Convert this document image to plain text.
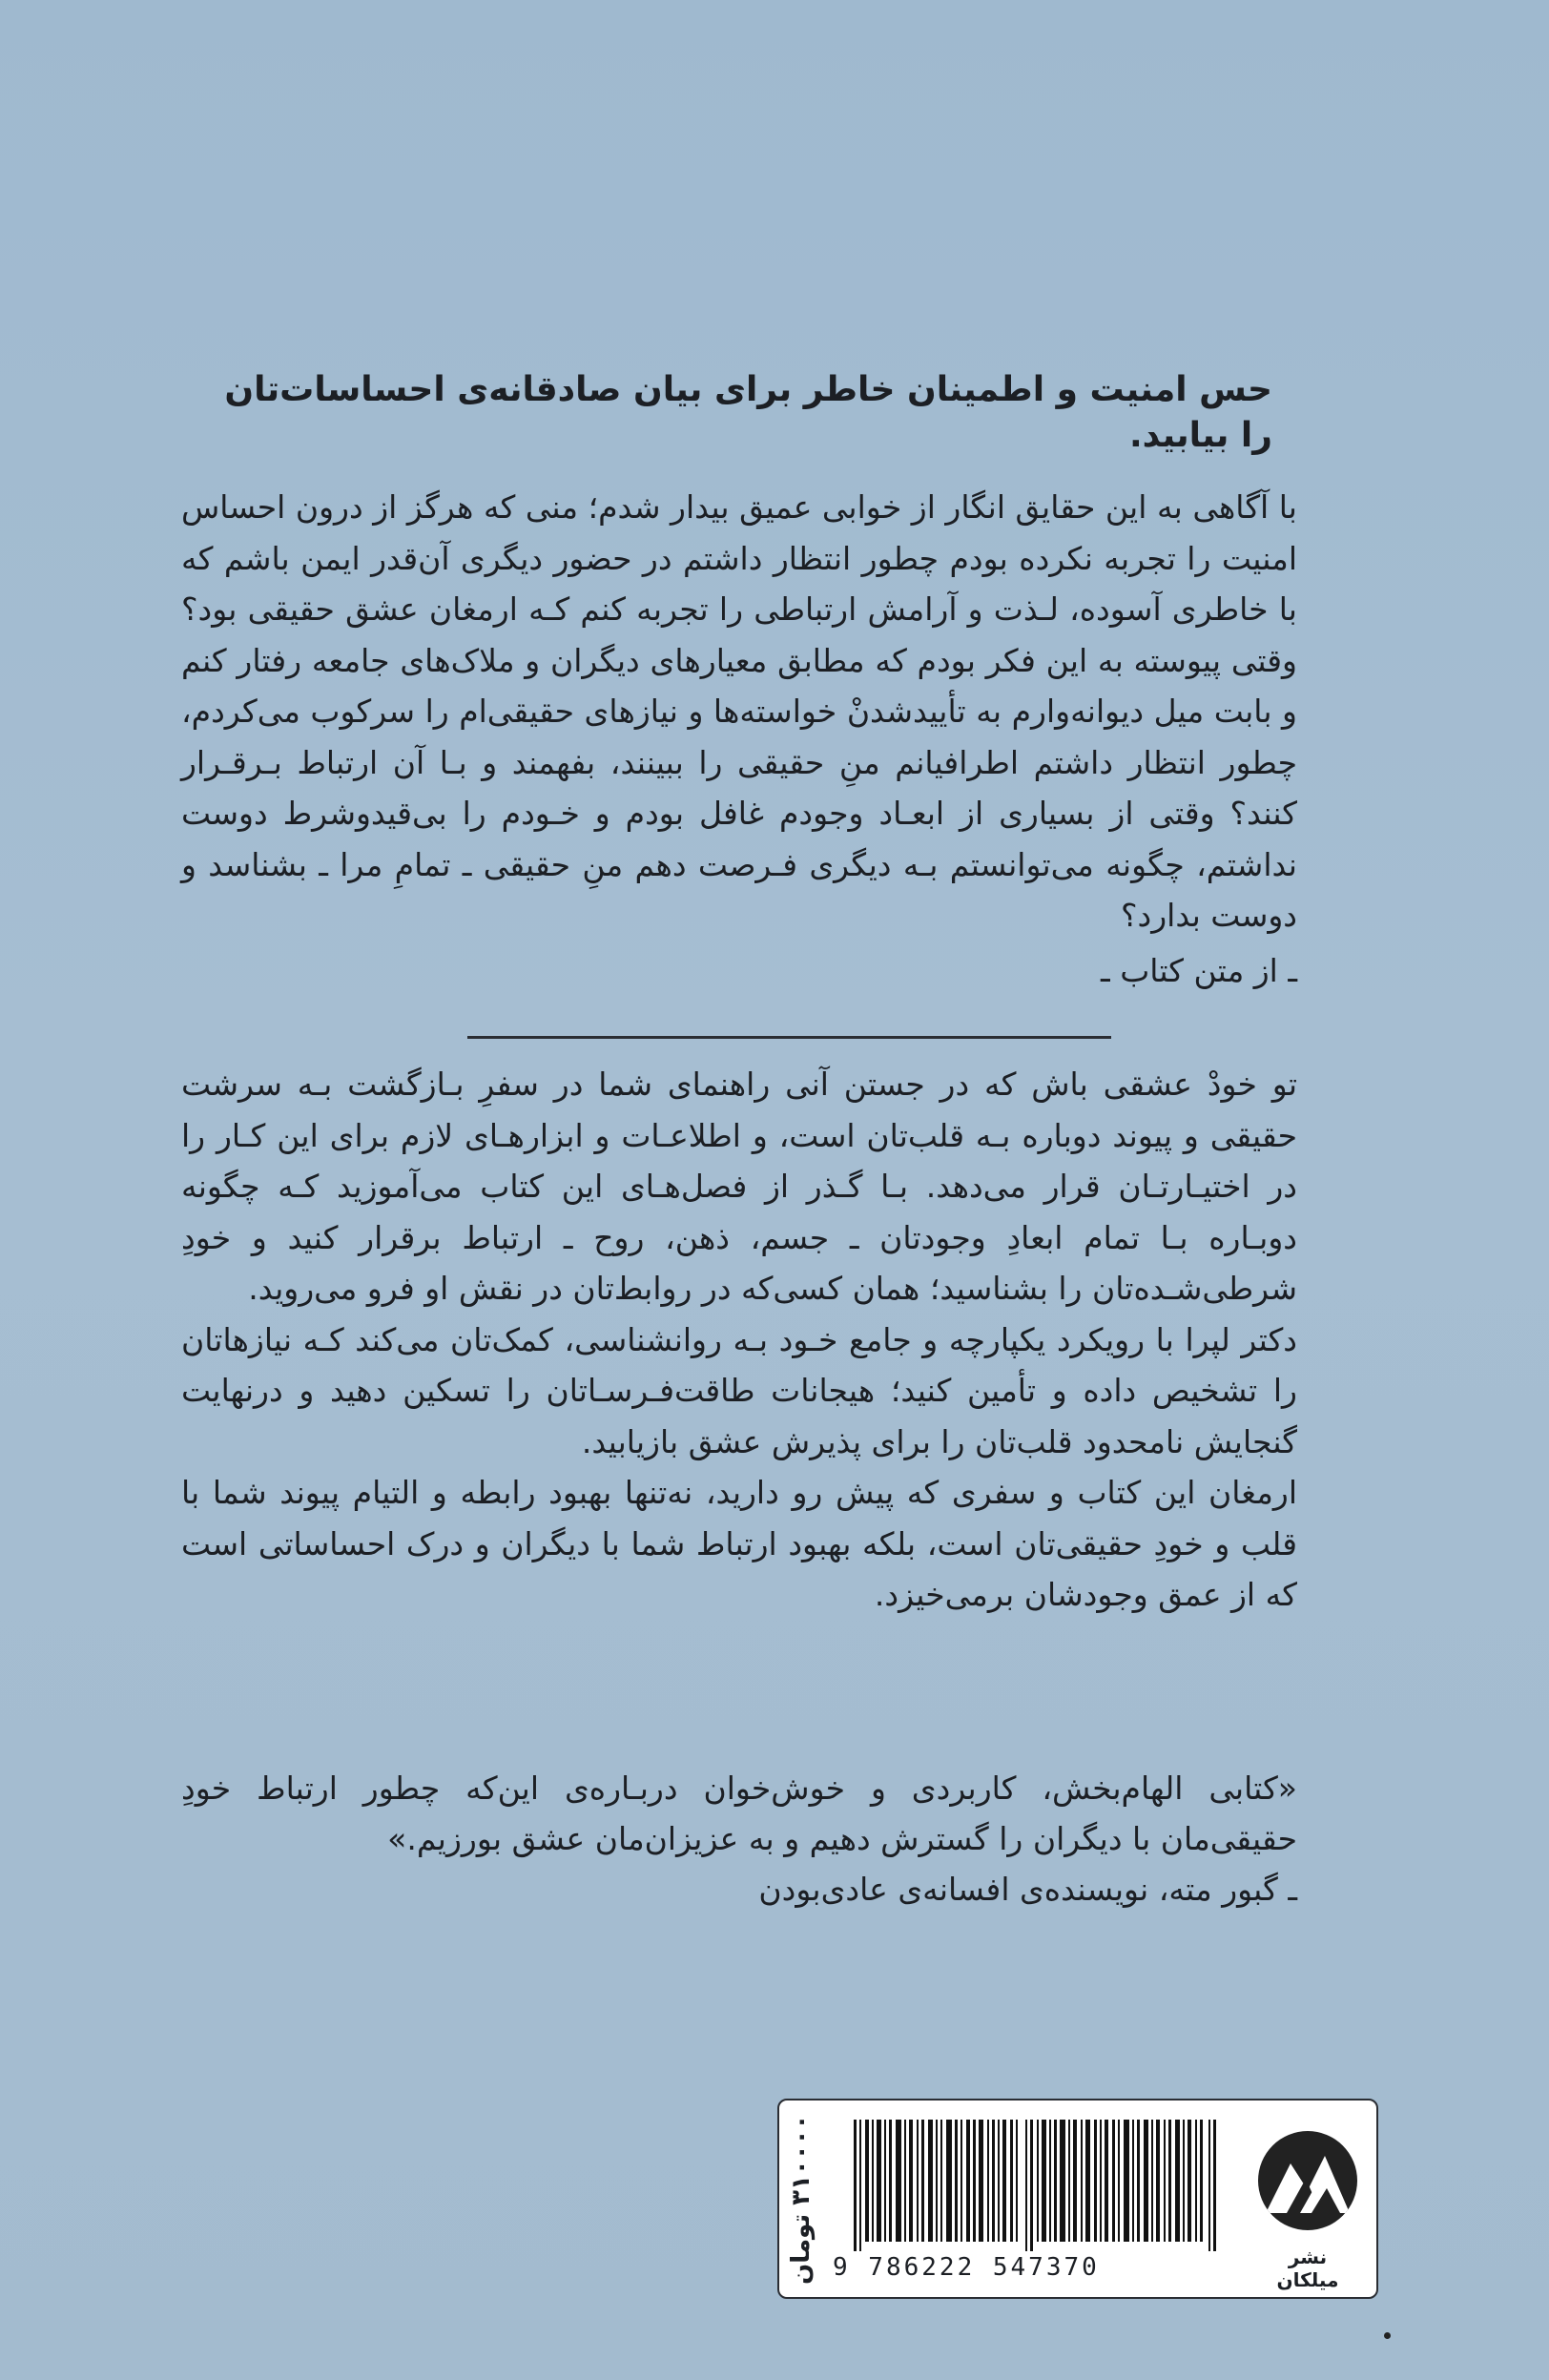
حس امنیت و اطمینان خاطر برای بیان صادقانه‌ی احساسات‌تان را بیابید.

با آگاهی به این حقایق انگار از خوابی عمیق بیدار شدم؛ منی که هرگز از درون احساس امنیت را تجربه نکرده بودم چطور انتظار داشتم در حضور دیگری آن‌قدر ایمن باشم که با خاطری آسوده، لـذت و آرامش ارتباطی را تجربه کنم کـه ارمغان عشق حقیقی بود؟ وقتی پیوسته به این فکر بودم که مطابق معیارهای دیگران و ملاک‌های جامعه رفتار کنم و بابت میل دیوانه‌وارم به تأییدشدنْ خواسته‌ها و نیازهای حقیقی‌ام را سرکوب می‌کردم، چطور انتظار داشتم اطرافیانم منِ حقیقی را ببینند، بفهمند و بـا آن ارتباط بـرقـرار کنند؟ وقتی از بسیاری از ابعـاد وجودم غافل بودم و خـودم را بی‌قیدوشرط دوست نداشتم، چگونه می‌توانستم بـه دیگری فـرصت دهم منِ حقیقی ـ تمامِ مرا ـ بشناسد و دوست بدارد؟

ـ از متن کتاب ـ

تو خودْ عشقی باش که در جستن آنی راهنمای شما در سفرِ بـازگشت بـه سرشت حقیقی و پیوند دوباره بـه قلب‌تان است، و اطلاعـات و ابزارهـای لازم برای این کـار را در اختیـارتـان قرار می‌دهد. بـا گـذر از فصل‌هـای این کتاب می‌آموزید کـه چگونه دوبـاره بـا تمام ابعادِ وجودتان ـ جسم، ذهن، روح ـ ارتباط برقرار کنید و خودِ شرطی‌شـده‌تان را بشناسید؛ همان کسی‌که در روابط‌تان در نقش او فرو می‌روید.

دکتر لپرا با رویکرد یکپارچه و جامع خـود بـه روانشناسی، کمک‌تان می‌کند کـه نیازهاتان را تشخیص داده و تأمین کنید؛ هیجانات طاقت‌فـرسـاتان را تسکین دهید و درنهایت گنجایش نامحدود قلب‌تان را برای پذیرش عشق بازیابید.

ارمغان این کتاب و سفری که پیش رو دارید، نه‌تنها بهبود رابطه و التیام پیوند شما با قلب و خودِ حقیقی‌تان است، بلکه بهبود ارتباط شما با دیگران و درک احساساتی است که از عمق وجودشان برمی‌خیزد.

«کتابی الهام‌بخش، کاربردی و خوش‌خوان دربـاره‌ی این‌که چطور ارتباط خودِ حقیقی‌مان با دیگران را گسترش دهیم و به عزیزان‌مان عشق بورزیم.»
ـ گبور مته، نویسنده‌ی افسانه‌ی عادی‌بودن
نشر میلکان
9 786222 547370
۳۱۰۰۰۰ تومان
